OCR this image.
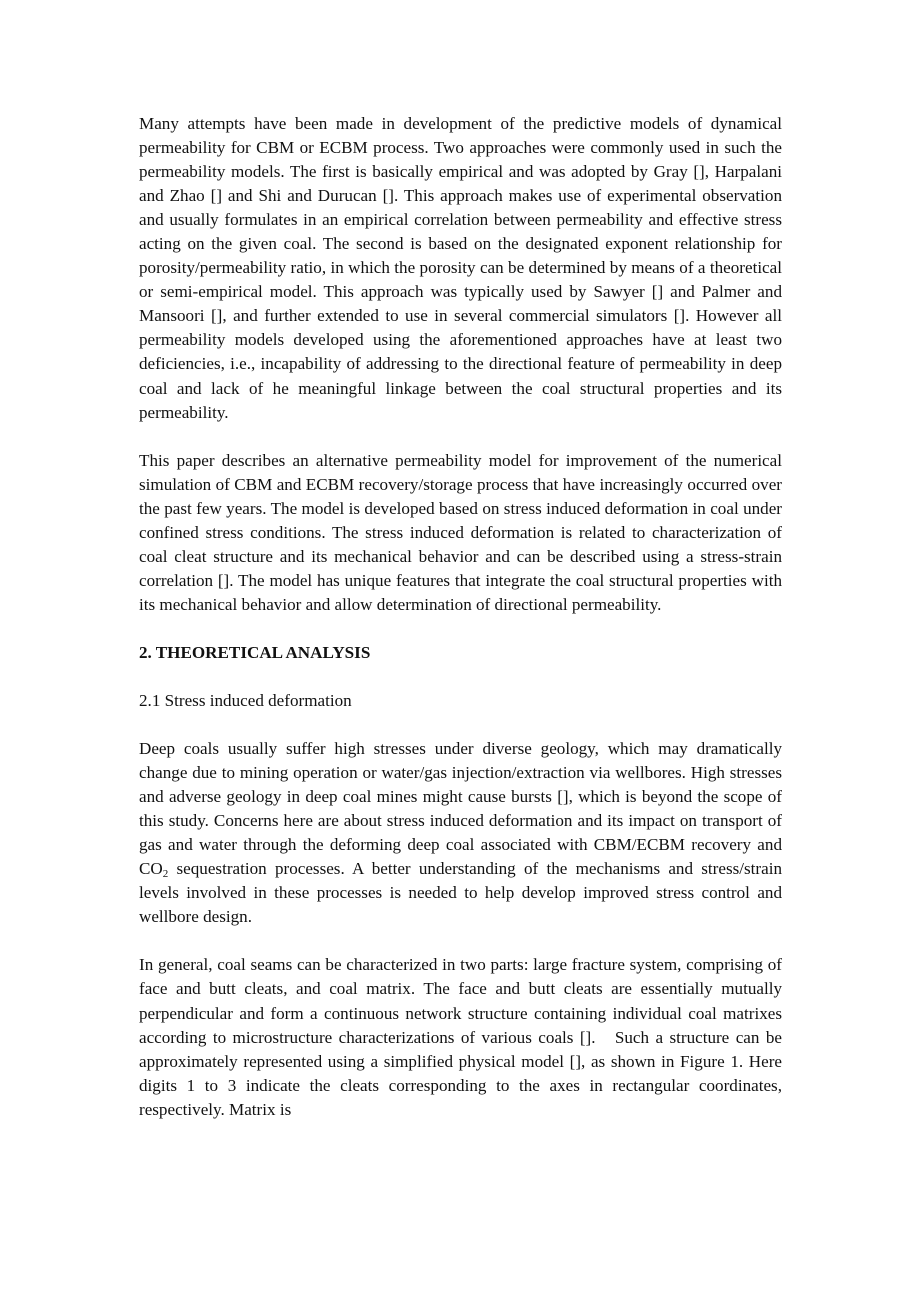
Many attempts have been made in development of the predictive models of dynamical permeability for CBM or ECBM process. Two approaches were commonly used in such the permeability models. The first is basically empirical and was adopted by Gray [], Harpalani and Zhao [] and Shi and Durucan []. This approach makes use of experimental observation and usually formulates in an empirical correlation between permeability and effective stress acting on the given coal. The second is based on the designated exponent relationship for porosity/permeability ratio, in which the porosity can be determined by means of a theoretical or semi-empirical model. This approach was typically used by Sawyer [] and Palmer and Mansoori [], and further extended to use in several commercial simulators []. However all permeability models developed using the aforementioned approaches have at least two deficiencies, i.e., incapability of addressing to the directional feature of permeability in deep coal and lack of he meaningful linkage between the coal structural properties and its permeability.

This paper describes an alternative permeability model for improvement of the numerical simulation of CBM and ECBM recovery/storage process that have increasingly occurred over the past few years. The model is developed based on stress induced deformation in coal under confined stress conditions. The stress induced deformation is related to characterization of coal cleat structure and its mechanical behavior and can be described using a stress-strain correlation []. The model has unique features that integrate the coal structural properties with its mechanical behavior and allow determination of directional permeability.

2. THEORETICAL ANALYSIS

2.1 Stress induced deformation

Deep coals usually suffer high stresses under diverse geology, which may dramatically change due to mining operation or water/gas injection/extraction via wellbores. High stresses and adverse geology in deep coal mines might cause bursts [], which is beyond the scope of this study. Concerns here are about stress induced deformation and its impact on transport of gas and water through the deforming deep coal associated with CBM/ECBM recovery and $CO_2$ sequestration processes. A better understanding of the mechanisms and stress/strain levels involved in these processes is needed to help develop improved stress control and wellbore design.

In general, coal seams can be characterized in two parts: large fracture system, comprising of face and butt cleats, and coal matrix. The face and butt cleats are essentially mutually perpendicular and form a continuous network structure containing individual coal matrixes according to microstructure characterizations of various coals [].   Such a structure can be approximately represented using a simplified physical model [], as shown in Figure 1. Here digits 1 to 3 indicate the cleats corresponding to the axes in rectangular coordinates, respectively. Matrix is
